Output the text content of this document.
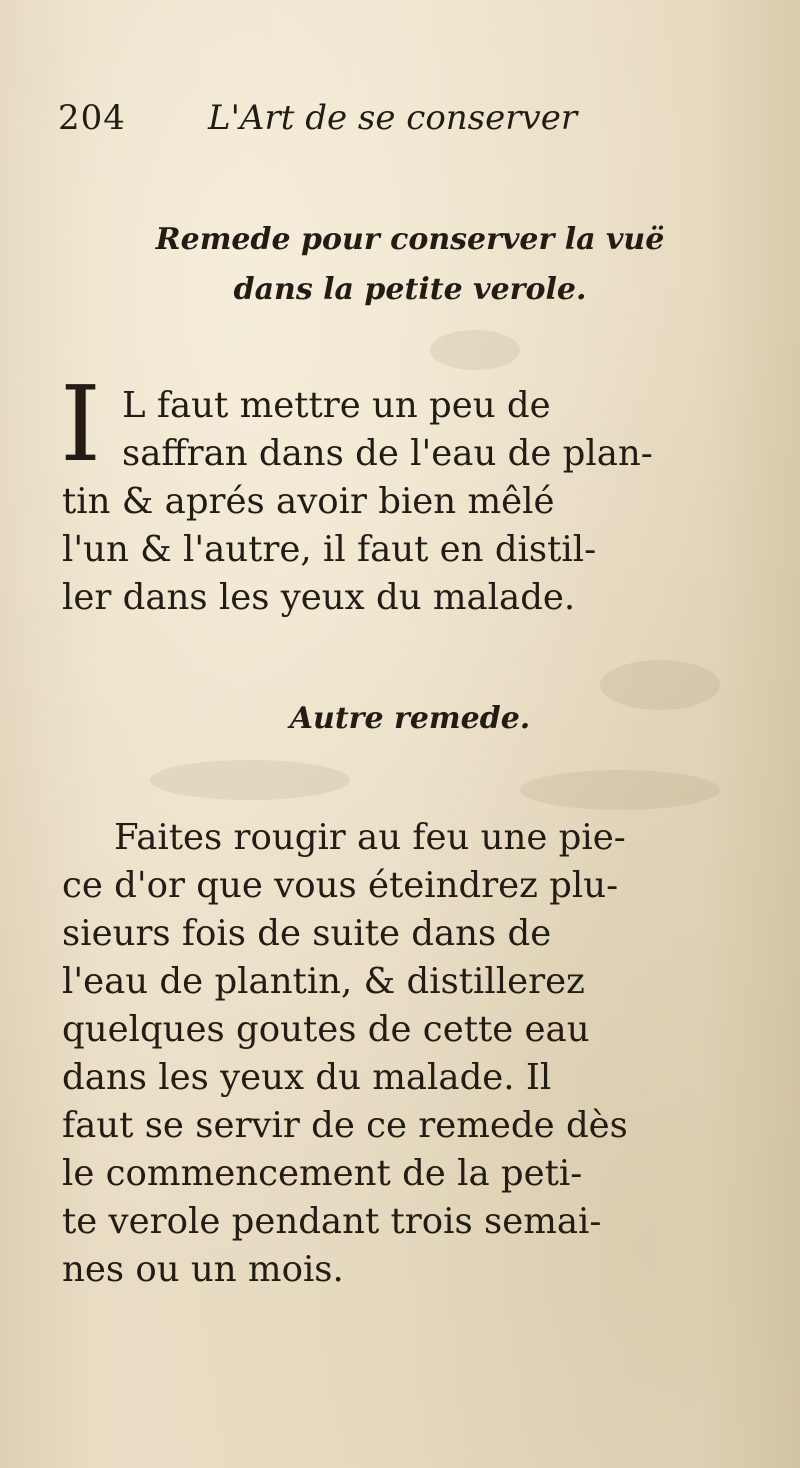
204 L'Art de se conserver
Remede pour conserver la vuë
dans la petite verole.
I L faut mettre un peu de
saffran dans de l'eau de plan-
tin & aprés avoir bien mêlé
l'un & l'autre, il faut en distil-
ler dans les yeux du malade.
Autre remede.
Faites rougir au feu une pie-
ce d'or que vous éteindrez plu-
sieurs fois de suite dans de
l'eau de plantin, & distillerez
quelques goutes de cette eau
dans les yeux du malade. Il
faut se servir de ce remede dès
le commencement de la peti-
te verole pendant trois semai-
nes ou un mois.
